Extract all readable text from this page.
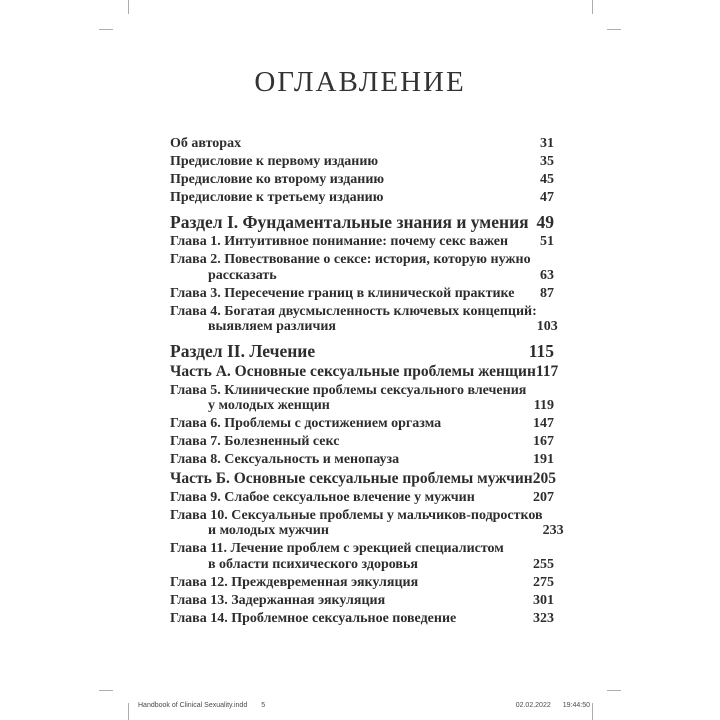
ОГЛАВЛЕНИЕ
Об авторах	31
Предисловие к первому изданию	35
Предисловие ко второму изданию	45
Предисловие к третьему изданию	47
Раздел I. Фундаментальные знания и умения 49
Глава 1. Интуитивное понимание: почему секс важен	51
Глава 2. Повествование о сексе: история, которую нужно
рассказать	63
Глава 3. Пересечение границ в клинической практике	87
Глава 4. Богатая двусмысленность ключевых концепций:
выявляем различия	103
Раздел II. Лечение	115
Часть А. Основные сексуальные проблемы женщин 117
Глава 5. Клинические проблемы сексуального влечения
у молодых женщин	119
Глава 6. Проблемы с достижением оргазма	147
Глава 7. Болезненный секс	167
Глава 8. Сексуальность и менопауза	191
Часть Б. Основные сексуальные проблемы мужчин 205
Глава 9. Слабое сексуальное влечение у мужчин	207
Глава 10. Сексуальные проблемы у мальчиков-подростков
и молодых мужчин	233
Глава 11. Лечение проблем с эрекцией специалистом
в области психического здоровья	255
Глава 12. Преждевременная эякуляция	275
Глава 13. Задержанная эякуляция	301
Глава 14. Проблемное сексуальное поведение	323
Handbook of Clinical Sexuality.indd 5	02.02.2022 19:44:50
